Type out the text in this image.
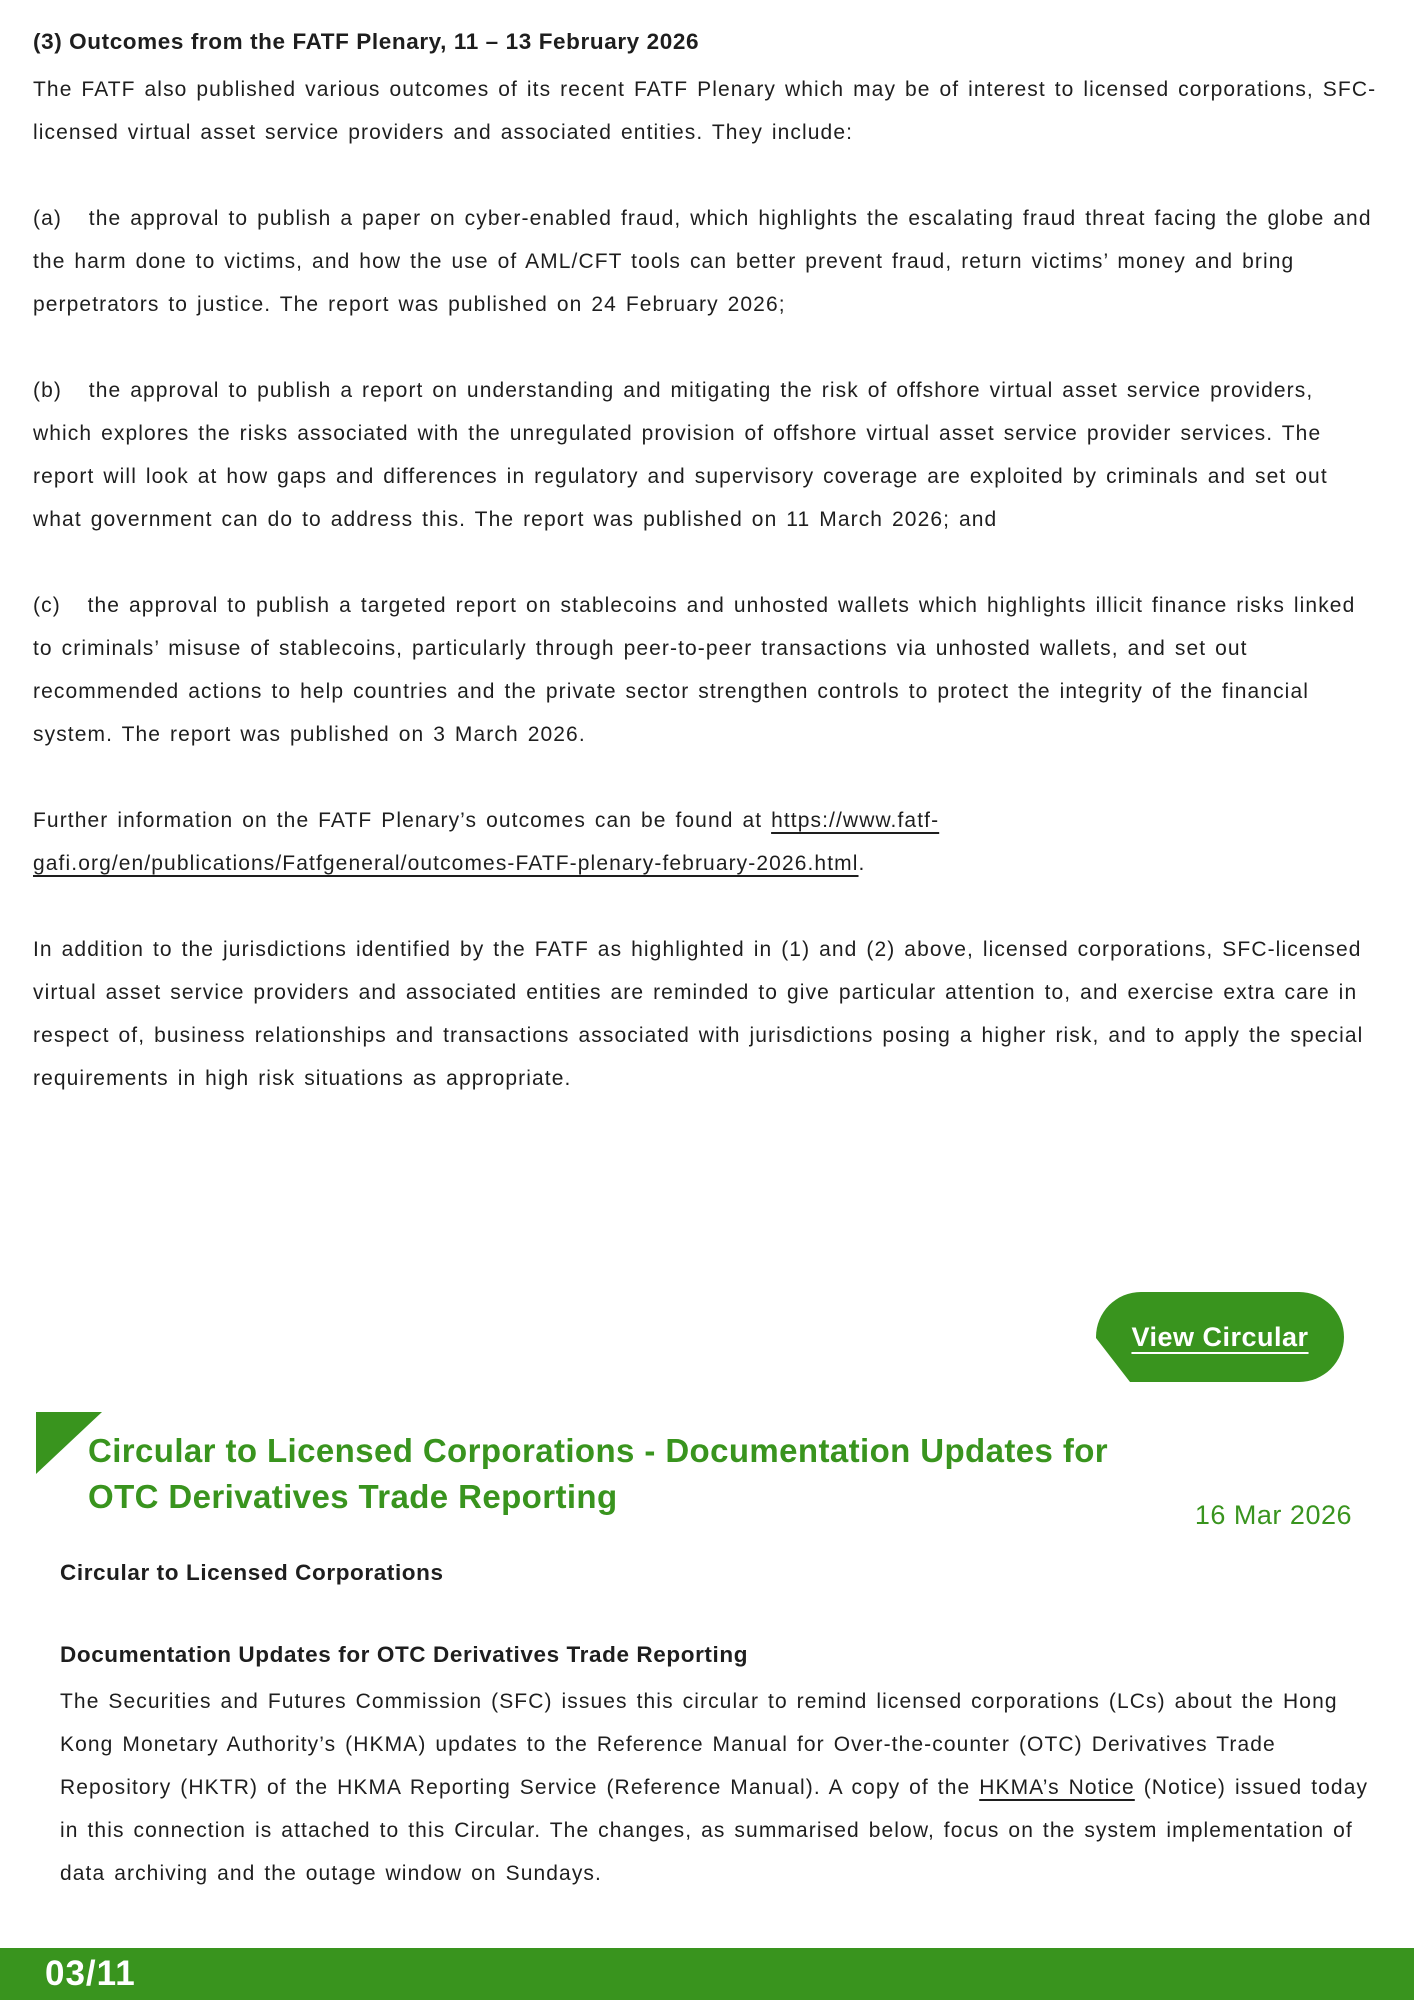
(3) Outcomes from the FATF Plenary, 11 – 13 February 2026

The FATF also published various outcomes of its recent FATF Plenary which may be of interest to licensed corporations, SFC-licensed virtual asset service providers and associated entities. They include:

(a)   the approval to publish a paper on cyber-enabled fraud, which highlights the escalating fraud threat facing the globe and the harm done to victims, and how the use of AML/CFT tools can better prevent fraud, return victims’ money and bring perpetrators to justice. The report was published on 24 February 2026;

(b)   the approval to publish a report on understanding and mitigating the risk of offshore virtual asset service providers, which explores the risks associated with the unregulated provision of offshore virtual asset service provider services. The report will look at how gaps and differences in regulatory and supervisory coverage are exploited by criminals and set out what government can do to address this. The report was published on 11 March 2026; and

(c)   the approval to publish a targeted report on stablecoins and unhosted wallets which highlights illicit finance risks linked to criminals’ misuse of stablecoins, particularly through peer-to-peer transactions via unhosted wallets, and set out recommended actions to help countries and the private sector strengthen controls to protect the integrity of the financial system. The report was published on 3 March 2026.

Further information on the FATF Plenary’s outcomes can be found at https://www.fatf-gafi.org/en/publications/Fatfgeneral/outcomes-FATF-plenary-february-2026.html.

In addition to the jurisdictions identified by the FATF as highlighted in (1) and (2) above, licensed corporations, SFC-licensed virtual asset service providers and associated entities are reminded to give particular attention to, and exercise extra care in respect of, business relationships and transactions associated with jurisdictions posing a higher risk, and to apply the special requirements in high risk situations as appropriate.

View Circular
Circular to Licensed Corporations - Documentation Updates for
OTC Derivatives Trade Reporting	16 Mar 2026
Circular to Licensed Corporations
Documentation Updates for OTC Derivatives Trade Reporting

The Securities and Futures Commission (SFC) issues this circular to remind licensed corporations (LCs) about the Hong Kong Monetary Authority’s (HKMA) updates to the Reference Manual for Over-the-counter (OTC) Derivatives Trade Repository (HKTR) of the HKMA Reporting Service (Reference Manual). A copy of the HKMA’s Notice (Notice) issued today in this connection is attached to this Circular. The changes, as summarised below, focus on the system implementation of data archiving and the outage window on Sundays.

03/11
